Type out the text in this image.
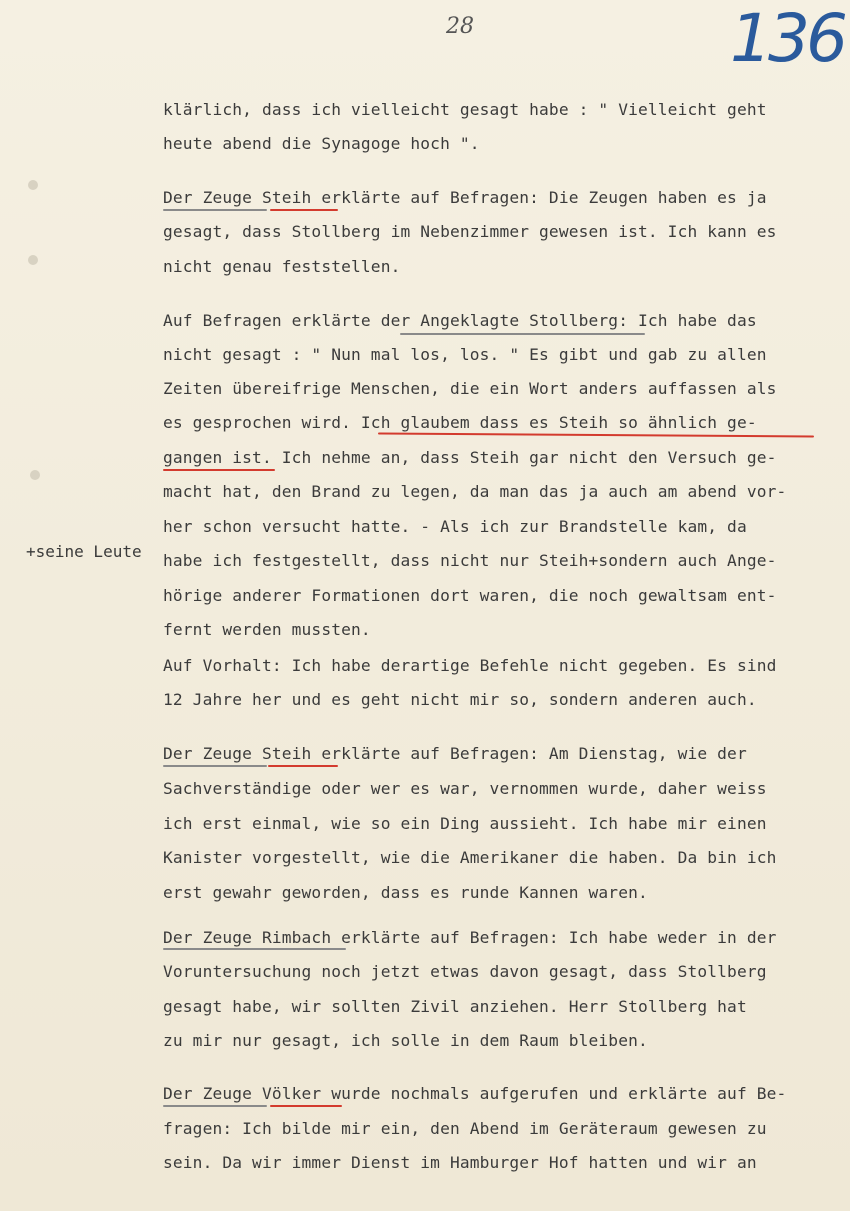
28	136
+seine Leute
klärlich, dass ich vielleicht gesagt habe : " Vielleicht geht
heute abend die Synagoge hoch ".
Der Zeuge Steih erklärte auf Befragen: Die Zeugen haben es ja
gesagt, dass Stollberg im Nebenzimmer gewesen ist. Ich kann es
nicht genau feststellen.
Auf Befragen erklärte der Angeklagte Stollberg: Ich habe das
nicht gesagt : " Nun mal los, los. " Es gibt und gab zu allen
Zeiten übereifrige Menschen, die ein Wort anders auffassen als
es gesprochen wird. Ich glaubem dass es Steih so ähnlich ge-
gangen ist. Ich nehme an, dass Steih gar nicht den Versuch ge-
macht hat, den Brand zu legen, da man das ja auch am abend vor-
her schon versucht hatte. - Als ich zur Brandstelle kam, da
habe ich festgestellt, dass nicht nur Steih+sondern auch Ange-
hörige anderer Formationen dort waren, die noch gewaltsam ent-
fernt werden mussten.
Auf Vorhalt: Ich habe derartige Befehle nicht gegeben. Es sind
12 Jahre her und es geht nicht mir so, sondern anderen auch.
Der Zeuge Steih erklärte auf Befragen: Am Dienstag, wie der
Sachverständige oder wer es war, vernommen wurde, daher weiss
ich erst einmal, wie so ein Ding aussieht. Ich habe mir einen
Kanister vorgestellt, wie die Amerikaner die haben. Da bin ich
erst gewahr geworden, dass es runde Kannen waren.
Der Zeuge Rimbach erklärte auf Befragen: Ich habe weder in der
Voruntersuchung noch jetzt etwas davon gesagt, dass Stollberg
gesagt habe, wir sollten Zivil anziehen. Herr Stollberg hat
zu mir nur gesagt, ich solle in dem Raum bleiben.
Der Zeuge Völker wurde nochmals aufgerufen und erklärte auf Be-
fragen: Ich bilde mir ein, den Abend im Geräteraum gewesen zu
sein. Da wir immer Dienst im Hamburger Hof hatten und wir an
